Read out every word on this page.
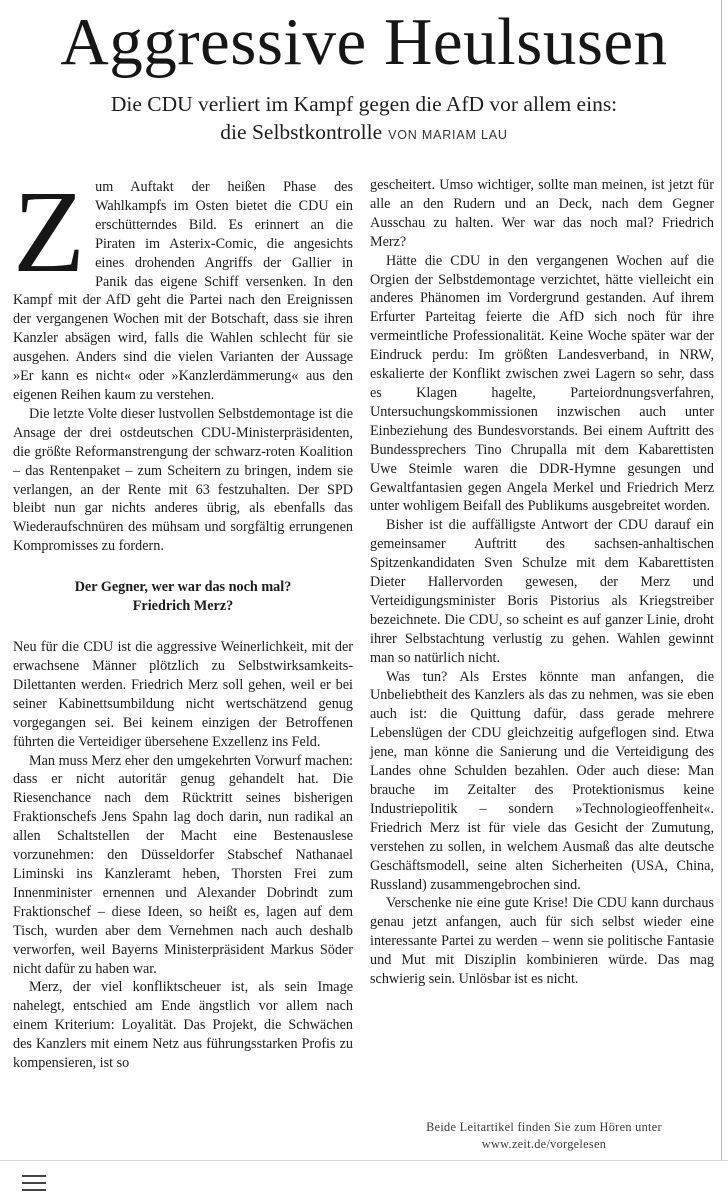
Aggressive Heulsusen
Die CDU verliert im Kampf gegen die AfD vor allem eins:
die Selbstkontrolle VON MARIAM LAU

Zum Auftakt der heißen Phase des Wahlkampfs im Osten bietet die CDU ein erschütterndes Bild. Es erinnert an die Piraten im Asterix-Comic, die angesichts eines drohenden Angriffs der Gallier in Panik das eigene Schiff versenken. In den Kampf mit der AfD geht die Partei nach den Ereignissen der vergangenen Wochen mit der Botschaft, dass sie ihren Kanzler absägen wird, falls die Wahlen schlecht für sie ausgehen. Anders sind die vielen Varianten der Aussage »Er kann es nicht« oder »Kanzlerdämmerung« aus den eigenen Reihen kaum zu verstehen.

Die letzte Volte dieser lustvollen Selbstdemontage ist die Ansage der drei ostdeutschen CDU-Ministerpräsidenten, die größte Reformanstrengung der schwarz-roten Koalition – das Rentenpaket – zum Scheitern zu bringen, indem sie verlangen, an der Rente mit 63 festzuhalten. Der SPD bleibt nun gar nichts anderes übrig, als ebenfalls das Wiederaufschnüren des mühsam und sorgfältig errungenen Kompromisses zu fordern.

Der Gegner, wer war das noch mal?
Friedrich Merz?

Neu für die CDU ist die aggressive Weinerlichkeit, mit der erwachsene Männer plötzlich zu Selbstwirksamkeits-Dilettanten werden. Friedrich Merz soll gehen, weil er bei seiner Kabinettsumbildung nicht wertschätzend genug vorgegangen sei. Bei keinem einzigen der Betroffenen führten die Verteidiger übersehene Exzellenz ins Feld.

Man muss Merz eher den umgekehrten Vorwurf machen: dass er nicht autoritär genug gehandelt hat. Die Riesenchance nach dem Rücktritt seines bisherigen Fraktionschefs Jens Spahn lag doch darin, nun radikal an allen Schaltstellen der Macht eine Bestenauslese vorzunehmen: den Düsseldorfer Stabschef Nathanael Liminski ins Kanzleramt heben, Thorsten Frei zum Innenminister ernennen und Alexander Dobrindt zum Fraktionschef – diese Ideen, so heißt es, lagen auf dem Tisch, wurden aber dem Vernehmen nach auch deshalb verworfen, weil Bayerns Ministerpräsident Markus Söder nicht dafür zu haben war.

Merz, der viel konfliktscheuer ist, als sein Image nahelegt, entschied am Ende ängstlich vor allem nach einem Kriterium: Loyalität. Das Projekt, die Schwächen des Kanzlers mit einem Netz aus führungsstarken Profis zu kompensieren, ist so

gescheitert. Umso wichtiger, sollte man meinen, ist jetzt für alle an den Rudern und an Deck, nach dem Gegner Ausschau zu halten. Wer war das noch mal? Friedrich Merz?

Hätte die CDU in den vergangenen Wochen auf die Orgien der Selbstdemontage verzichtet, hätte vielleicht ein anderes Phänomen im Vordergrund gestanden. Auf ihrem Erfurter Parteitag feierte die AfD sich noch für ihre vermeintliche Professionalität. Keine Woche später war der Eindruck perdu: Im größten Landesverband, in NRW, eskalierte der Konflikt zwischen zwei Lagern so sehr, dass es Klagen hagelte, Parteiordnungsverfahren, Untersuchungskommissionen inzwischen auch unter Einbeziehung des Bundesvorstands. Bei einem Auftritt des Bundessprechers Tino Chrupalla mit dem Kabarettisten Uwe Steimle waren die DDR-Hymne gesungen und Gewaltfantasien gegen Angela Merkel und Friedrich Merz unter wohligem Beifall des Publikums ausgebreitet worden.

Bisher ist die auffälligste Antwort der CDU darauf ein gemeinsamer Auftritt des sachsen-anhaltischen Spitzenkandidaten Sven Schulze mit dem Kabarettisten Dieter Hallervorden gewesen, der Merz und Verteidigungsminister Boris Pistorius als Kriegstreiber bezeichnete. Die CDU, so scheint es auf ganzer Linie, droht ihrer Selbstachtung verlustig zu gehen. Wahlen gewinnt man so natürlich nicht.

Was tun? Als Erstes könnte man anfangen, die Unbeliebtheit des Kanzlers als das zu nehmen, was sie eben auch ist: die Quittung dafür, dass gerade mehrere Lebenslügen der CDU gleichzeitig aufgeflogen sind. Etwa jene, man könne die Sanierung und die Verteidigung des Landes ohne Schulden bezahlen. Oder auch diese: Man brauche im Zeitalter des Protektionismus keine Industriepolitik – sondern »Technologieoffenheit«. Friedrich Merz ist für viele das Gesicht der Zumutung, verstehen zu sollen, in welchem Ausmaß das alte deutsche Geschäftsmodell, seine alten Sicherheiten (USA, China, Russland) zusammengebrochen sind.

Verschenke nie eine gute Krise! Die CDU kann durchaus genau jetzt anfangen, auch für sich selbst wieder eine interessante Partei zu werden – wenn sie politische Fantasie und Mut mit Disziplin kombinieren würde. Das mag schwierig sein. Unlösbar ist es nicht.

Beide Leitartikel finden Sie zum Hören unter
www.zeit.de/vorgelesen
